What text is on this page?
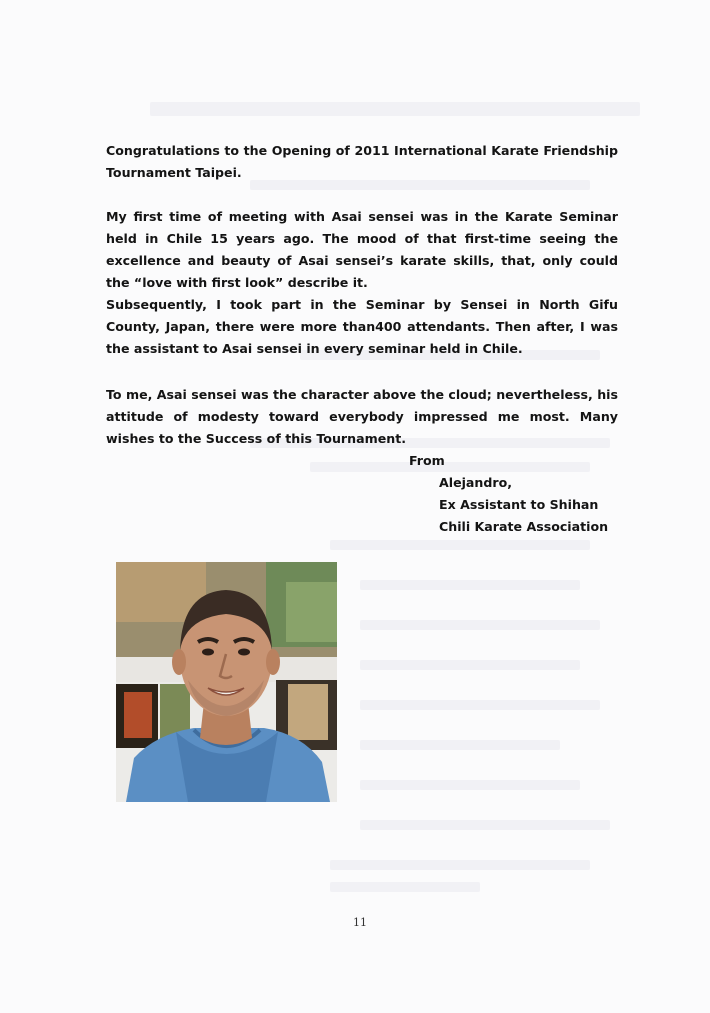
Congratulations to the Opening of 2011 International Karate Friendship Tournament Taipei.

My first time of meeting with Asai sensei was in the Karate Seminar held in Chile 15 years ago. The mood of that first-time seeing the excellence and beauty of Asai sensei’s karate skills, that, only could the “love with first look” describe it.

Subsequently, I took part in the Seminar by Sensei in North Gifu County, Japan, there were more than400 attendants. Then after, I was the assistant to Asai sensei in every seminar held in Chile.

To me, Asai sensei was the character above the cloud; nevertheless, his attitude of modesty toward everybody impressed me most. Many wishes to the Success of this Tournament.

From
Alejandro,
Ex Assistant to Shihan
Chili Karate Association
11
